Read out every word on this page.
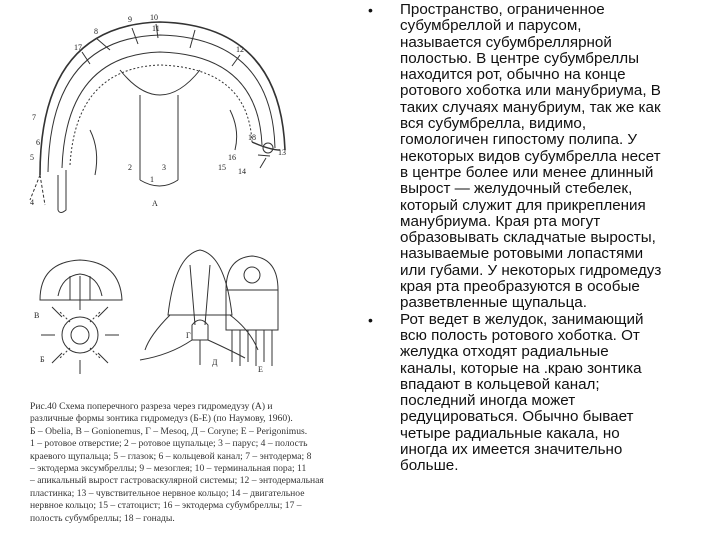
9 10
11
8
17	12
7
6
5
4
1
2	3
18
13
14
15
16
А
Б
В
Г
Д
Е
Рис.40 Схема поперечного разреза через гидромедузу (А) и
различные формы зонтика гидромедуз (Б-Е) (по Наумову, 1960).
Б – Obelia, В – Gonionemus, Г – Mesoq, Д – Coryne; Е – Perigonimus.
1 – ротовое отверстие; 2 – ротовое щупальце; 3 – парус; 4 – полость
краевого щупальца; 5 – глазок; 6 – кольцевой канал; 7 – энтодерма; 8
– эктодерма эксумбреллы; 9 – мезоглея; 10 – терминальная пора; 11
– апикальный вырост гастроваскулярной системы; 12 – энтодермальная
пластинка; 13 – чувствительное нервное кольцо; 14 – двигательное
нервное кольцо; 15 – статоцист; 16 – эктодерма субумбреллы; 17 –
полость субумбреллы; 18 – гонады.
• Пространство, ограниченное
субумбреллой и парусом,
называется субумбреллярной
полостью. В центре субумбреллы
находится рот, обычно на конце
ротового хоботка или манубриума, В
таких случаях манубриум, так же как
вся субумбрелла, видимо,
гомологичен гипостому полипа. У
некоторых видов субумбрелла несет
в центре более или менее длинный
вырост — желудочный стебелек,
который служит для прикрепления
манубриума. Края рта могут
образовывать складчатые выросты,
называемые ротовыми лопастями
или губами. У некоторых гидромедуз
края рта преобразуются в особые
разветвленные щупальца.
• Рот ведет в желудок, занимающий
всю полость ротового хоботка. От
желудка отходят радиальные
каналы, которые на .краю зонтика
впадают в кольцевой канал;
последний иногда может
редуцироваться. Обычно бывает
четыре радиальные какала, но
иногда их имеется значительно
больше.
